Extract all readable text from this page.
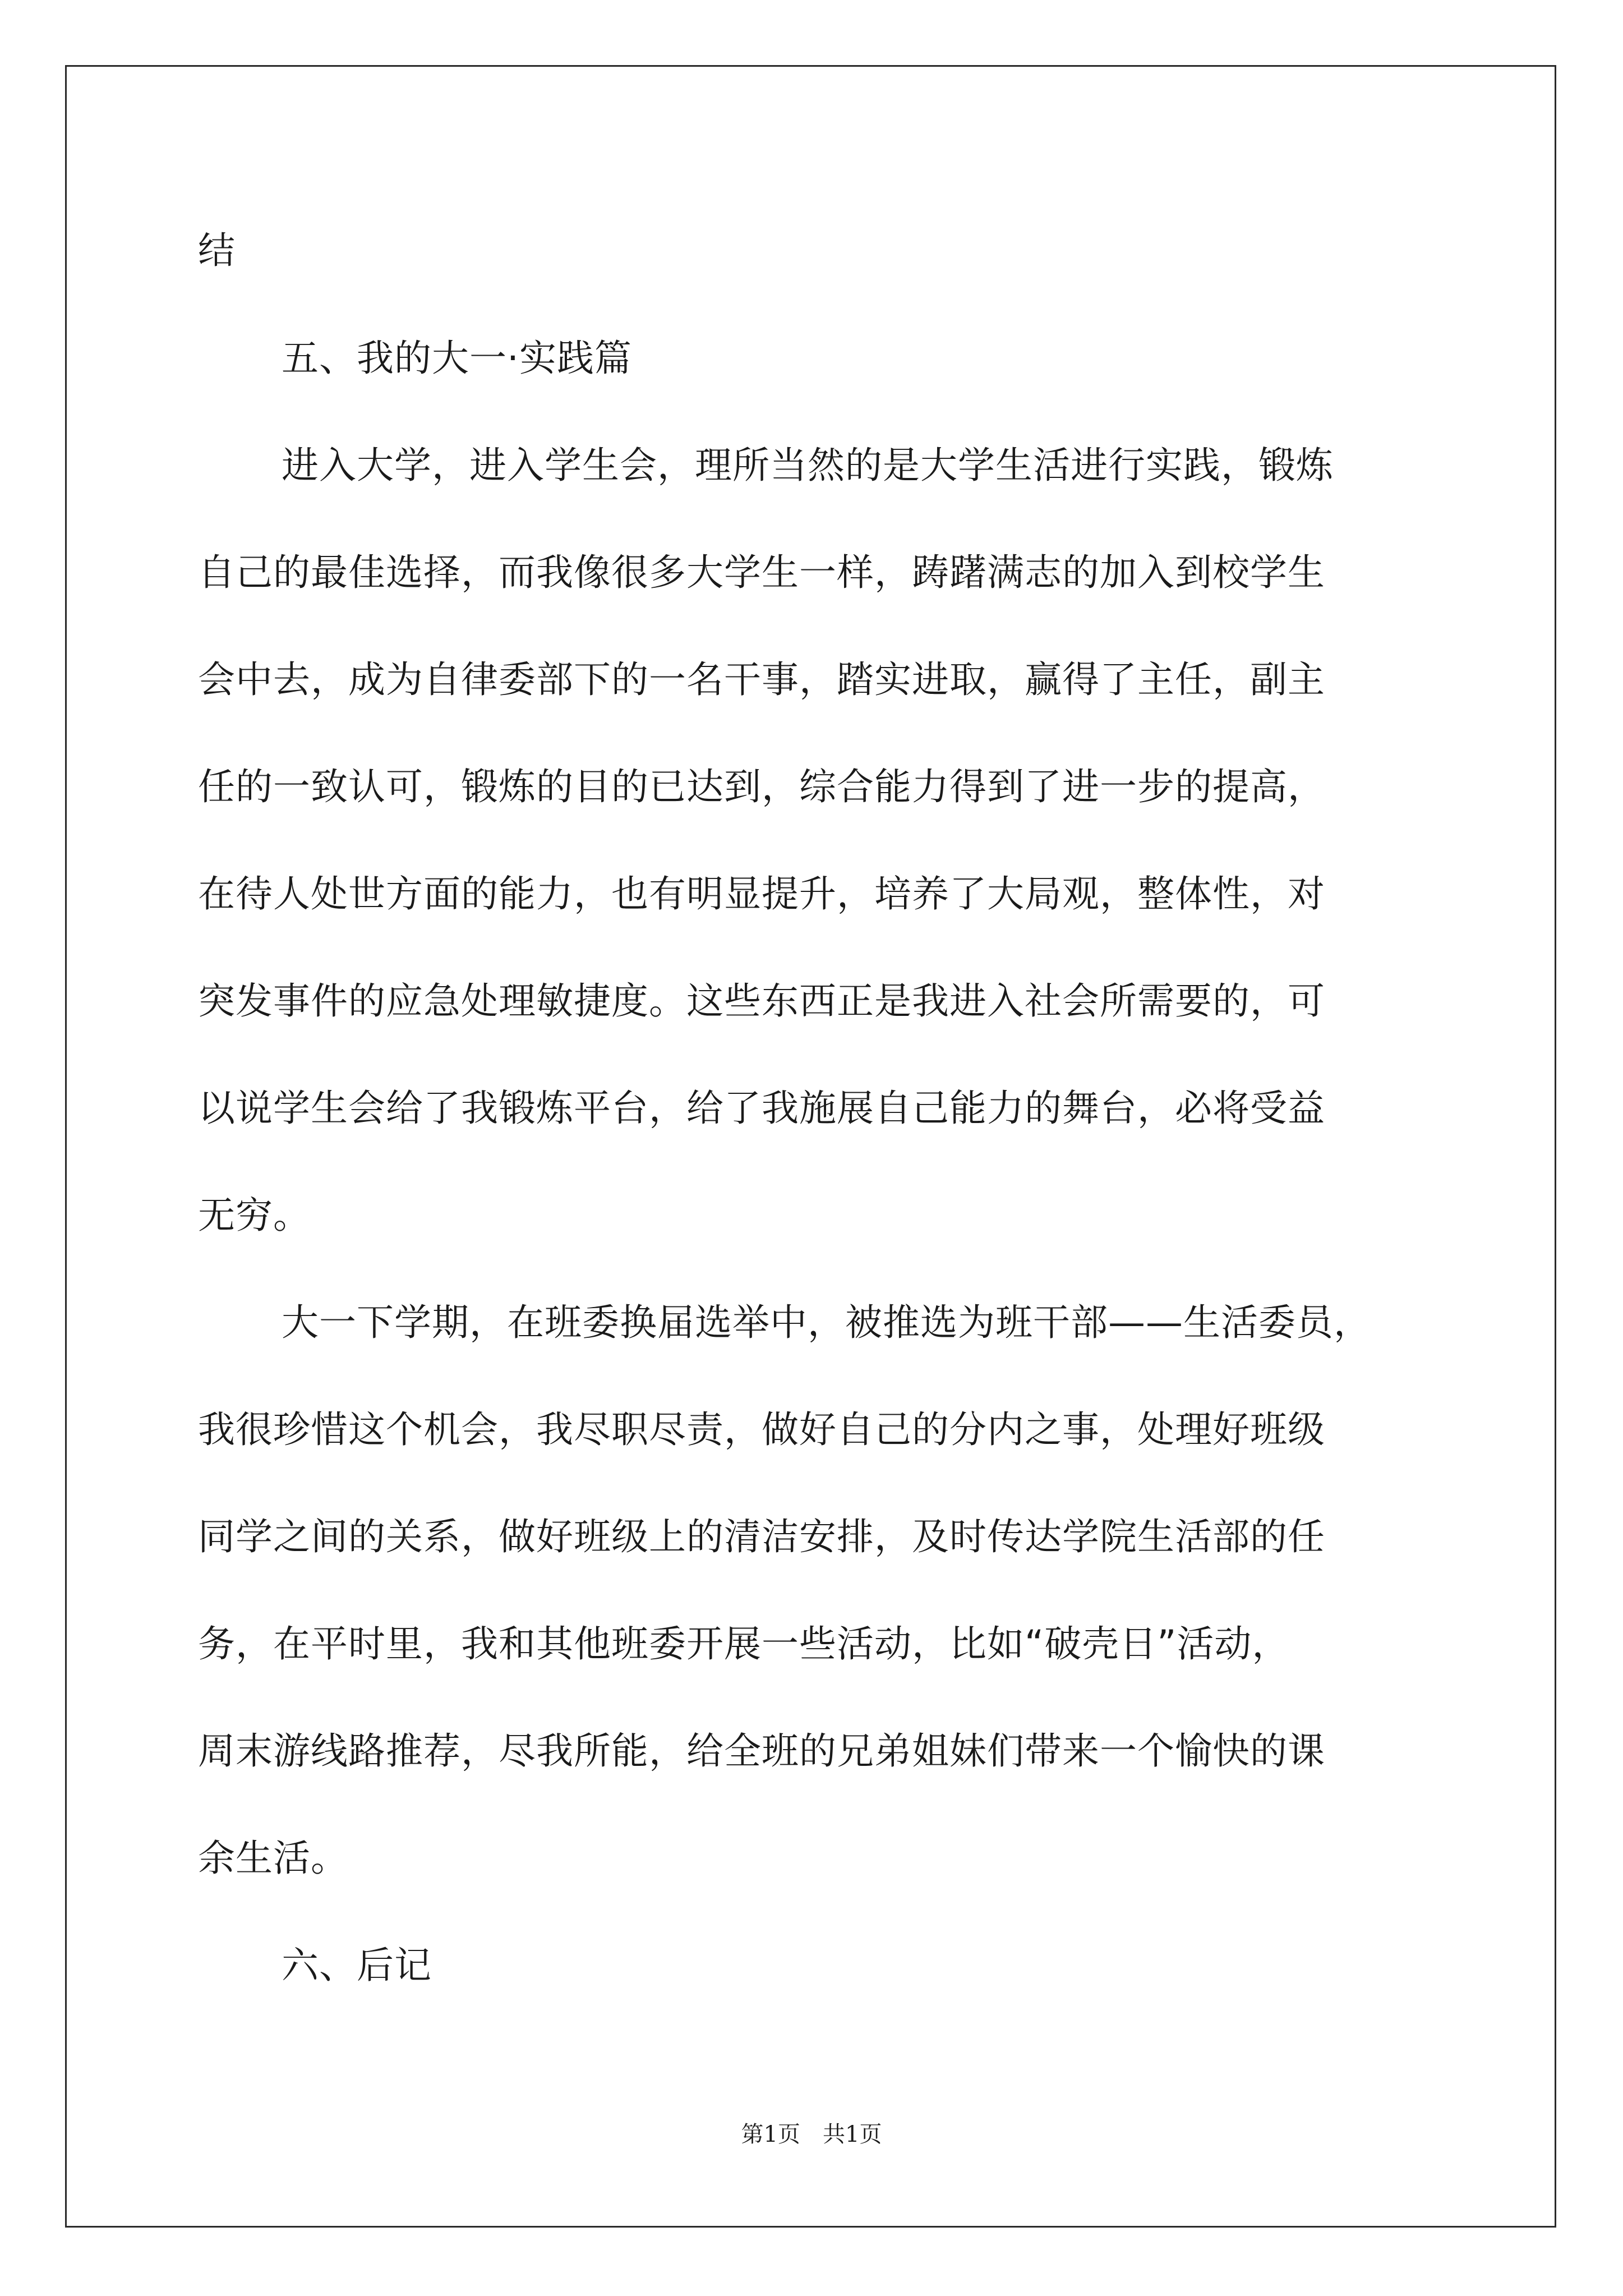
结
五、我的大一·实践篇
进入大学，进入学生会，理所当然的是大学生活进行实践，锻炼
自己的最佳选择，而我像很多大学生一样，踌躇满志的加入到校学生
会中去，成为自律委部下的一名干事，踏实进取，赢得了主任，副主
任的一致认可，锻炼的目的已达到，综合能力得到了进一步的提高，
在待人处世方面的能力，也有明显提升，培养了大局观，整体性，对
突发事件的应急处理敏捷度。这些东西正是我进入社会所需要的，可
以说学生会给了我锻炼平台，给了我施展自己能力的舞台，必将受益
无穷。
大一下学期，在班委换届选举中，被推选为班干部——生活委员，
我很珍惜这个机会，我尽职尽责，做好自己的分内之事，处理好班级
同学之间的关系，做好班级上的清洁安排，及时传达学院生活部的任
务，在平时里，我和其他班委开展一些活动，比如“破壳日”活动，
周末游线路推荐，尽我所能，给全班的兄弟姐妹们带来一个愉快的课
余生活。
六、后记
第1页　共1页
